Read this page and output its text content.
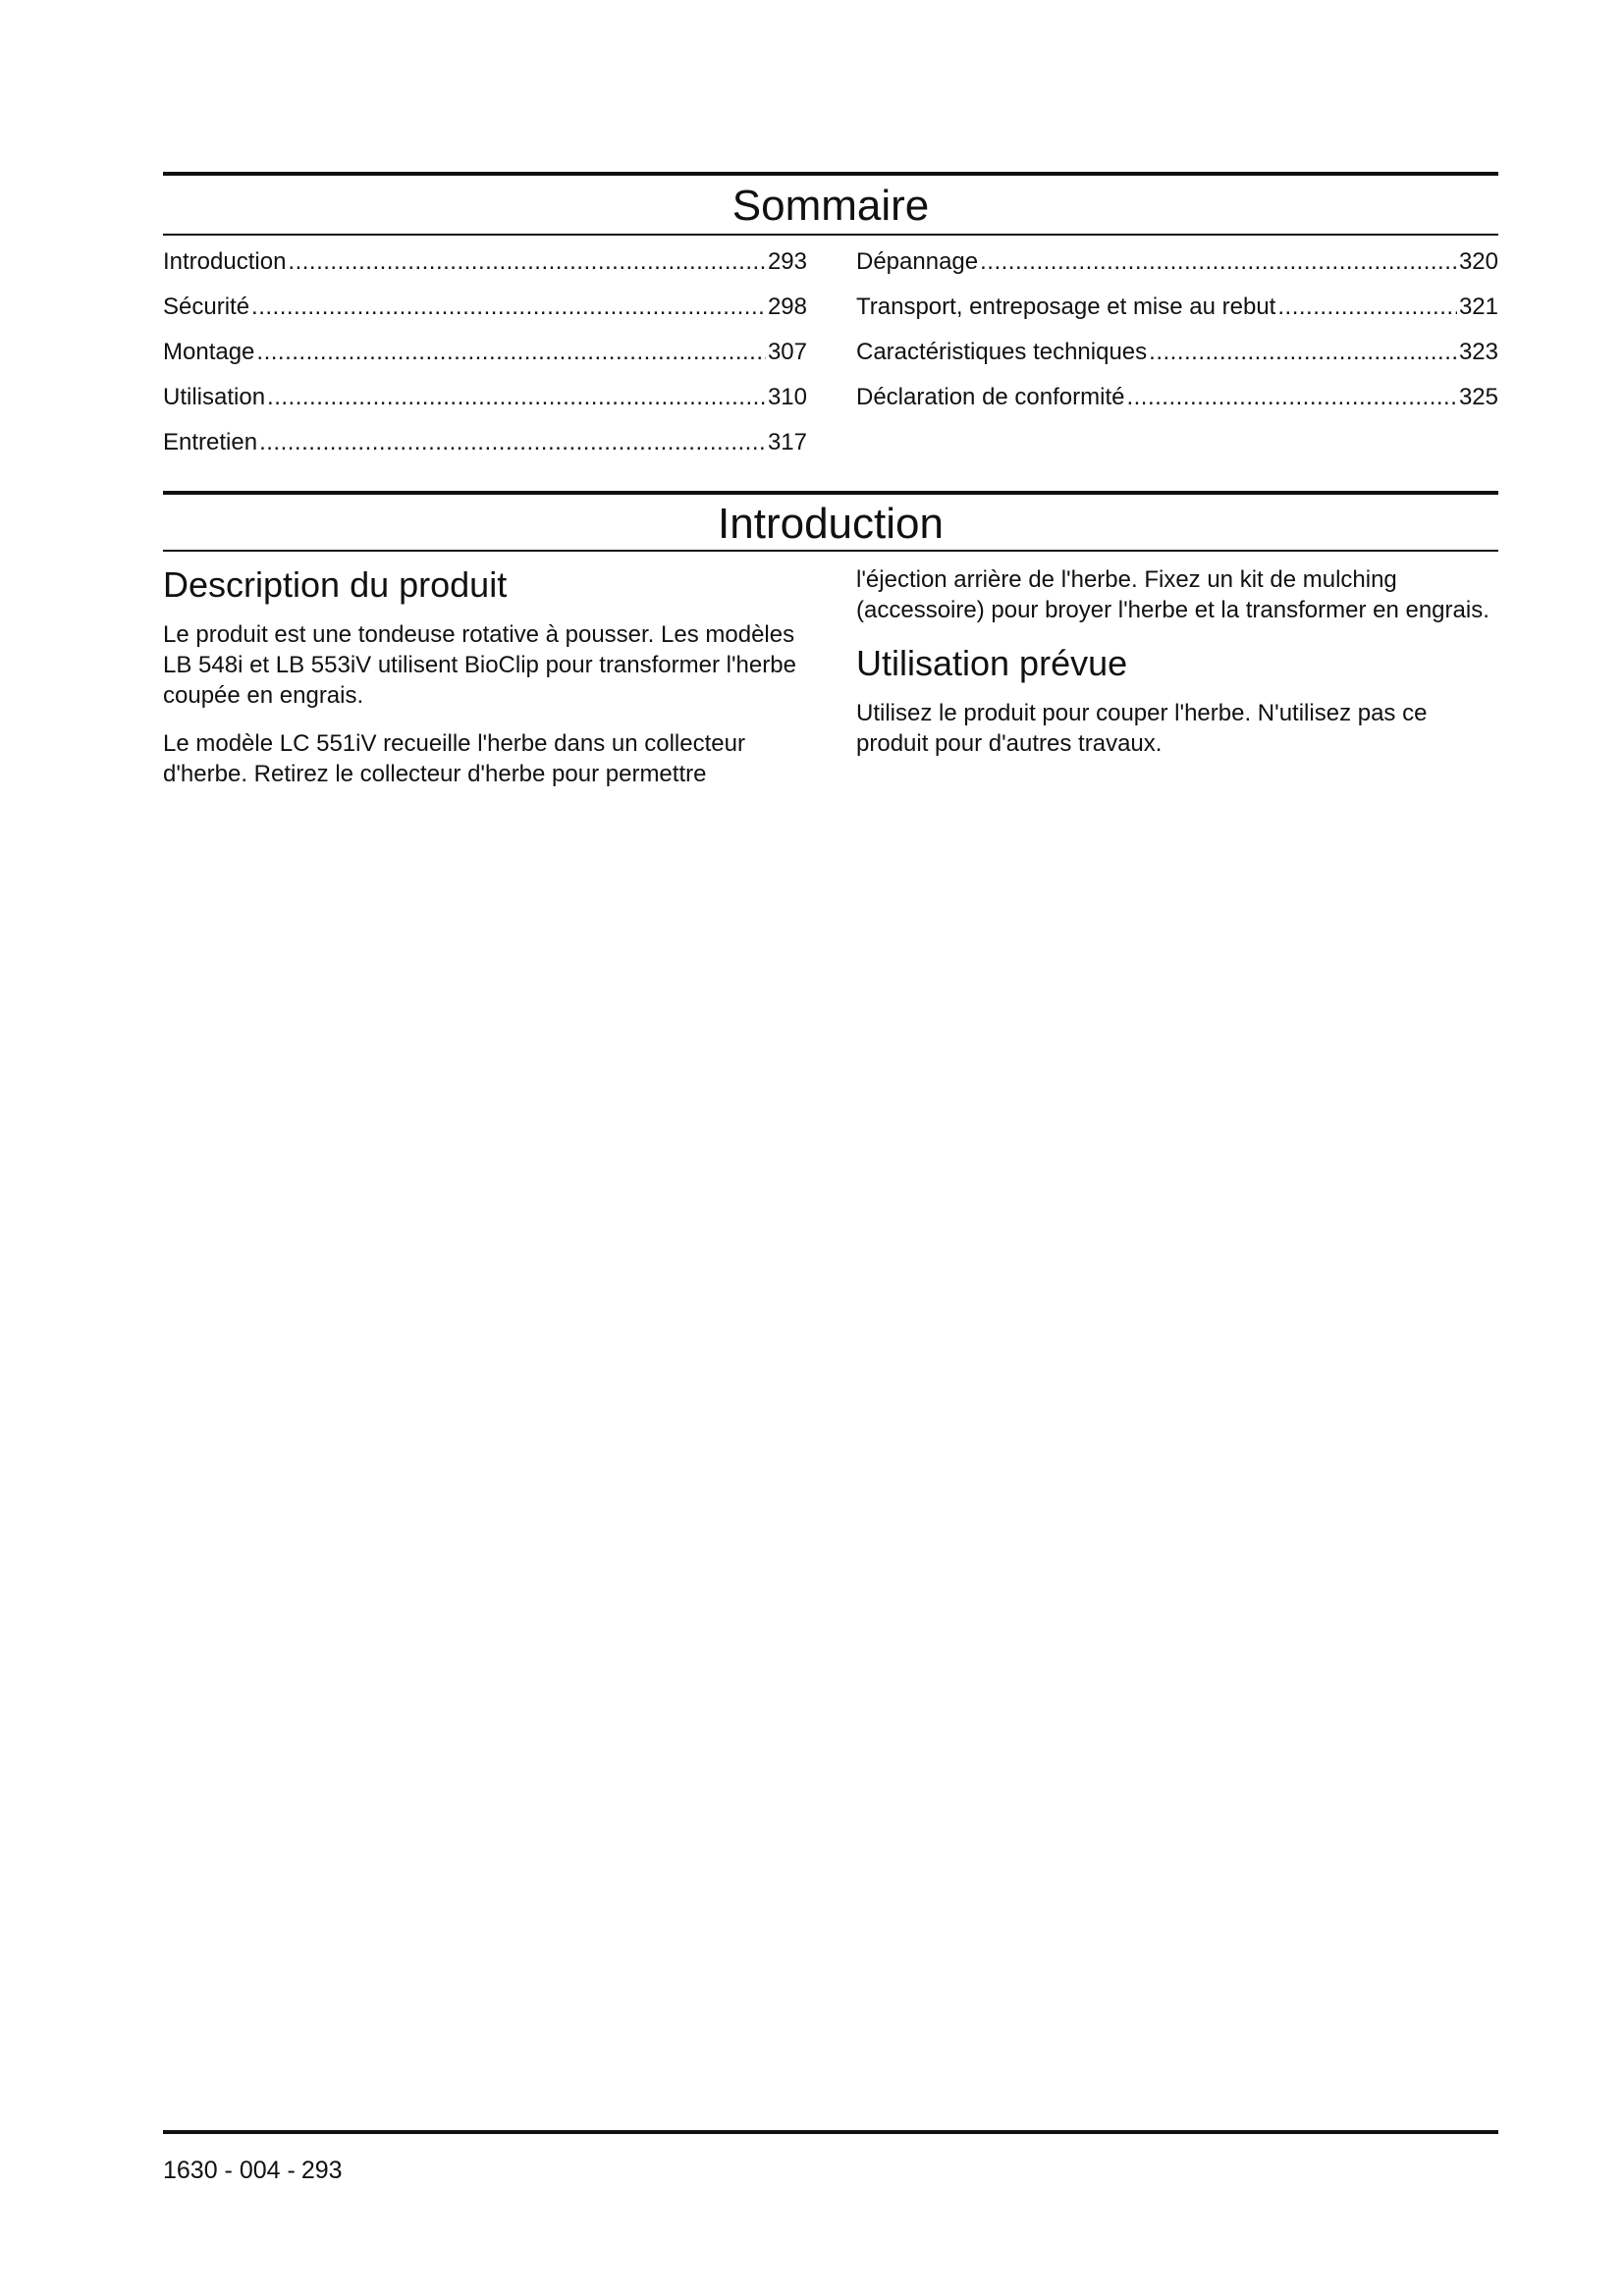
Sommaire
Introduction .....	293
Sécurité .....	298
Montage .....	307
Utilisation .....	310
Entretien .....	317
Dépannage .....	320
Transport, entreposage et mise au rebut .....	321
Caractéristiques techniques .....	323
Déclaration de conformité .....	325
Introduction
Description du produit

Le produit est une tondeuse rotative à pousser. Les modèles LB 548i et LB 553iV utilisent BioClip pour transformer l'herbe coupée en engrais.

Le modèle LC 551iV recueille l'herbe dans un collecteur d'herbe. Retirez le collecteur d'herbe pour permettre

l'éjection arrière de l'herbe. Fixez un kit de mulching (accessoire) pour broyer l'herbe et la transformer en engrais.

Utilisation prévue

Utilisez le produit pour couper l'herbe. N'utilisez pas ce produit pour d'autres travaux.

1630 - 004 - 293
